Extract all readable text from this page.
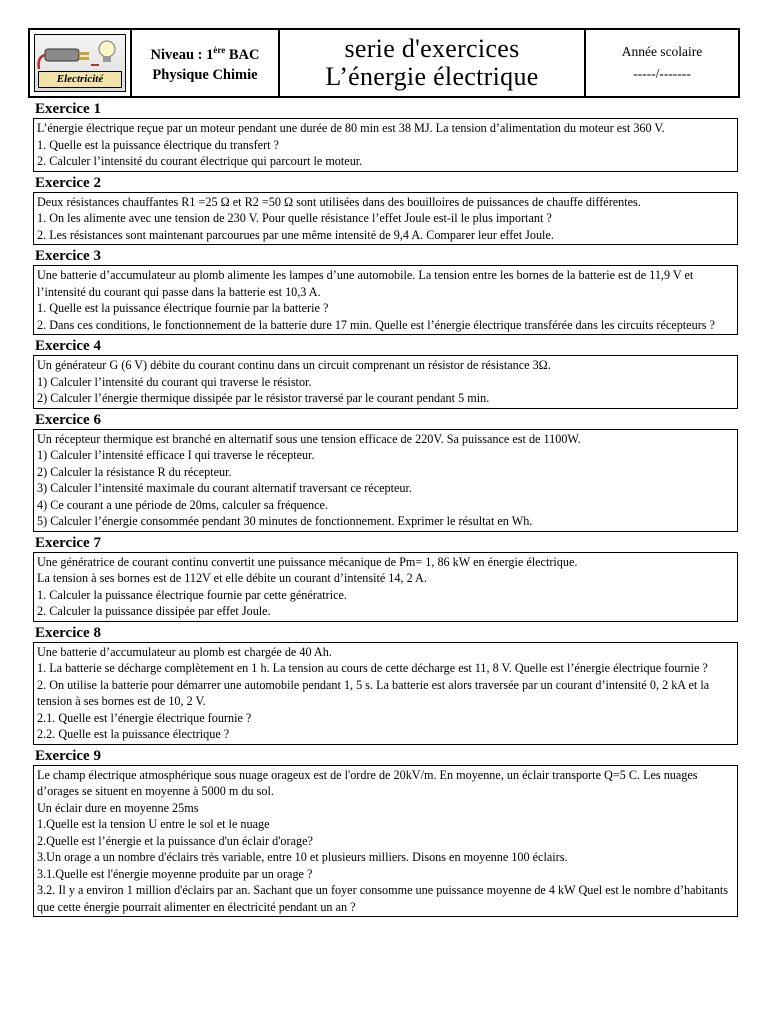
Electricité
Niveau : 1ère BAC
Physique Chimie
serie d'exercices
L’énergie électrique
Année scolaire
-----/-------
Exercice 1

L’énergie électrique reçue par un moteur pendant une durée de 80 min est 38 MJ. La tension d’alimentation du moteur est 360 V.

1. Quelle est la puissance électrique du transfert ?

2. Calculer l’intensité du courant électrique qui parcourt le moteur.

Exercice 2

Deux résistances chauffantes R1 =25 Ω et R2 =50 Ω sont utilisées dans des bouilloires de puissances de chauffe différentes.

1. On les alimente avec une tension de 230 V. Pour quelle résistance l’effet Joule est-il le plus important ?

2. Les résistances sont maintenant parcourues par une même intensité de 9,4 A. Comparer leur effet Joule.

Exercice 3

Une batterie d’accumulateur au plomb alimente les lampes d’une automobile. La tension entre les bornes de la batterie est de 11,9 V et l’intensité du courant qui passe dans la batterie est 10,3 A.

1. Quelle est la puissance électrique fournie par la batterie ?

2. Dans ces conditions, le fonctionnement de la batterie dure 17 min. Quelle est l’énergie électrique transférée dans les circuits récepteurs ?

Exercice 4

Un générateur G (6 V) débite du courant continu dans un circuit comprenant un résistor de résistance 3Ω.

1) Calculer l’intensité du courant qui traverse le résistor.

2) Calculer l’énergie thermique dissipée par le résistor traversé par le courant pendant 5 min.

Exercice 6

Un récepteur thermique est branché en alternatif sous une tension efficace de 220V. Sa puissance est de 1100W.

1) Calculer l’intensité efficace I qui traverse le récepteur.

2) Calculer la résistance R du récepteur.

3) Calculer l’intensité maximale du courant alternatif traversant ce récepteur.

4) Ce courant a une période de 20ms, calculer sa fréquence.

5) Calculer l’énergie consommée pendant 30 minutes de fonctionnement. Exprimer le résultat en Wh.

Exercice 7

Une génératrice de courant continu convertit une puissance mécanique de Pm= 1, 86 kW en énergie électrique.

La tension à ses bornes est de 112V et elle débite un courant d’intensité 14, 2 A.

1. Calculer la puissance électrique fournie par cette génératrice.

2. Calculer la puissance dissipée par effet Joule.

Exercice 8

Une batterie d’accumulateur au plomb est chargée de 40 Ah.

1. La batterie se décharge complètement en 1 h. La tension au cours de cette décharge est 11, 8 V. Quelle est l’énergie électrique fournie ?

2. On utilise la batterie pour démarrer une automobile pendant 1, 5 s. La batterie est alors traversée par un courant d’intensité 0, 2 kA et la tension à ses bornes est de 10, 2 V.

2.1. Quelle est l’énergie électrique fournie ?

2.2. Quelle est la puissance électrique ?

Exercice 9

Le champ électrique atmosphérique sous nuage orageux est de l'ordre de 20kV/m. En moyenne, un éclair transporte Q=5 C. Les nuages d’orages se situent en moyenne à 5000 m du sol.

Un éclair dure en moyenne 25ms

1.Quelle est la tension U entre le sol et le nuage

2.Quelle est l’énergie et la puissance d'un éclair d'orage?

3.Un orage a un nombre d'éclairs très variable, entre 10 et plusieurs milliers. Disons en moyenne 100 éclairs.

3.1.Quelle est l'énergie moyenne produite par un orage ?

3.2. Il y a environ 1 million d'éclairs par an. Sachant que un foyer consomme une puissance moyenne de 4 kW Quel est le nombre d’habitants que cette énergie pourrait alimenter en électricité pendant un an ?
